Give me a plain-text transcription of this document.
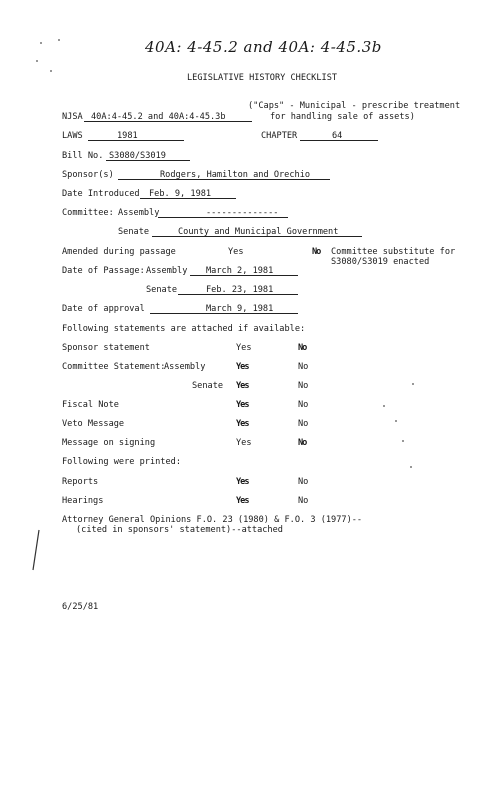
40A: 4-45.2 and 40A: 4-45.3b
LEGISLATIVE HISTORY CHECKLIST
("Caps" - Municipal - prescribe treatment
NJSA 40A:4-45.2 and 40A:4-45.3b	for handling sale of assets)
LAWS	1981	CHAPTER	64
Bill No. S3080/S3019
Sponsor(s)	Rodgers, Hamilton and Orechio
Date Introduced Feb. 9, 1981
Committee: Assembly	--------------
Senate	County and Municipal Government
Amended during passage	Yes	No Committee substitute for
S3080/S3019 enacted
Date of Passage: Assembly March 2, 1981
Senate	Feb. 23, 1981
Date of approval	March 9, 1981
Following statements are attached if available:
Sponsor statement	Yes	No
Committee Statement:
Assembly	Yes	No
Senate Yes	No
Fiscal Note	Yes	No
Veto Message	Yes	No
Message on signing	Yes	No
Following were printed:
Reports	Yes	No
Hearings	Yes	No
Attorney General Opinions F.O. 23 (1980) & F.O. 3 (1977)--
(cited in sponsors' statement)--attached
6/25/81
